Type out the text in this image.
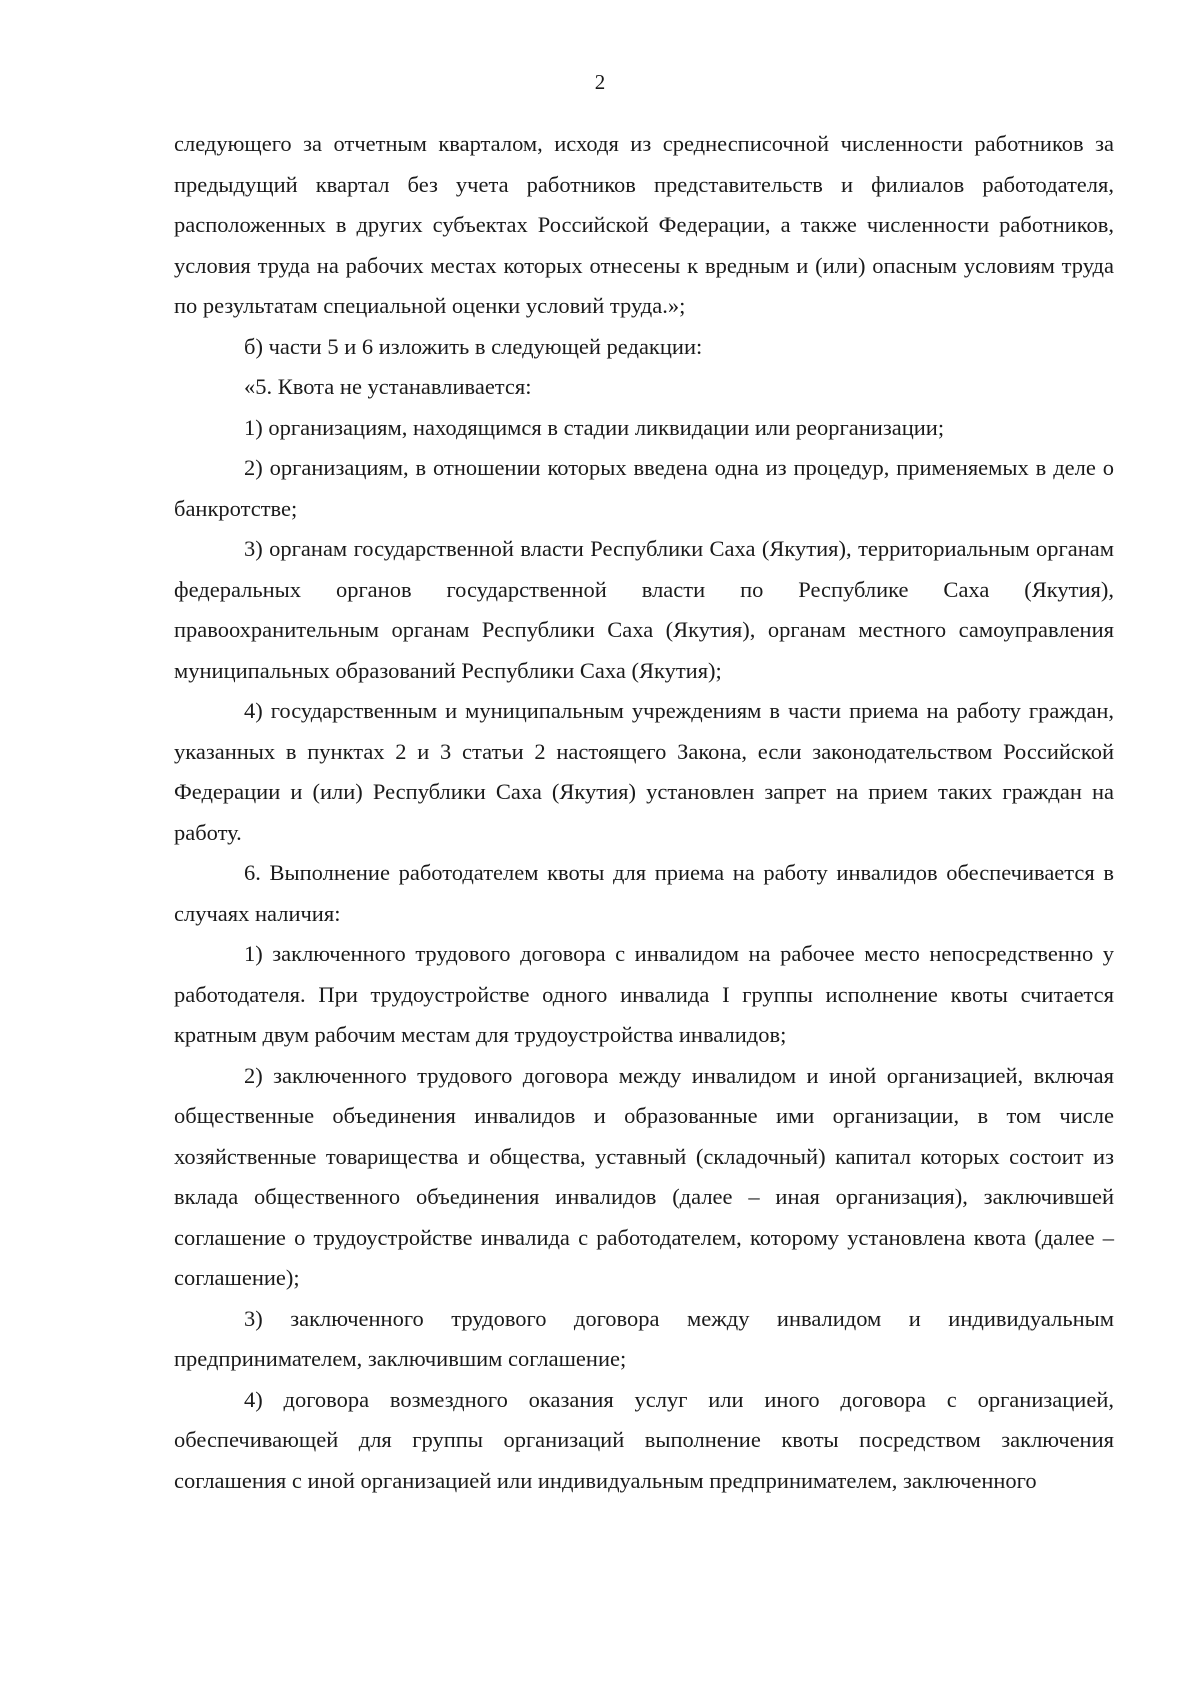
2

следующего за отчетным кварталом, исходя из среднесписочной численности работников за предыдущий квартал без учета работников представительств и филиалов работодателя, расположенных в других субъектах Российской Федерации, а также численности работников, условия труда на рабочих местах которых отнесены к вредным и (или) опасным условиям труда по результатам специальной оценки условий труда.»;

б) части 5 и 6 изложить в следующей редакции:

«5. Квота не устанавливается:

1) организациям, находящимся в стадии ликвидации или реорганизации;

2) организациям, в отношении которых введена одна из процедур, применяемых в деле о банкротстве;

3) органам государственной власти Республики Саха (Якутия), территориальным органам федеральных органов государственной власти по Республике Саха (Якутия), правоохранительным органам Республики Саха (Якутия), органам местного самоуправления муниципальных образований Республики Саха (Якутия);

4) государственным и муниципальным учреждениям в части приема на работу граждан, указанных в пунктах 2 и 3 статьи 2 настоящего Закона, если законодательством Российской Федерации и (или) Республики Саха (Якутия) установлен запрет на прием таких граждан на работу.

6. Выполнение работодателем квоты для приема на работу инвалидов обеспечивается в случаях наличия:

1) заключенного трудового договора с инвалидом на рабочее место непосредственно у работодателя. При трудоустройстве одного инвалида I группы исполнение квоты считается кратным двум рабочим местам для трудоустройства инвалидов;

2) заключенного трудового договора между инвалидом и иной организацией, включая общественные объединения инвалидов и образованные ими организации, в том числе хозяйственные товарищества и общества, уставный (складочный) капитал которых состоит из вклада общественного объединения инвалидов (далее – иная организация), заключившей соглашение о трудоустройстве инвалида с работодателем, которому установлена квота (далее – соглашение);

3) заключенного трудового договора между инвалидом и индивидуальным предпринимателем, заключившим соглашение;

4) договора возмездного оказания услуг или иного договора с организацией, обеспечивающей для группы организаций выполнение квоты посредством заключения соглашения с иной организацией или индивидуальным предпринимателем, заключенного
